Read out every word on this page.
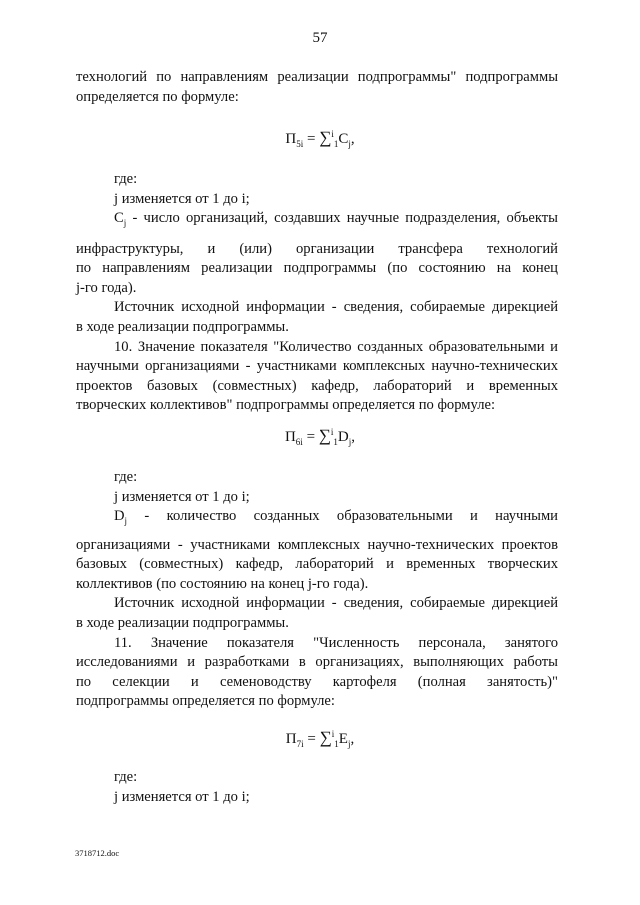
57
технологий по направлениям реализации подпрограммы" подпрограммы
определяется по формуле:
$П_{5i} = \sum^i_1C_j$,
где:
j изменяется от 1 до i;
$C_j$ - число организаций, создавших научные подразделения, объекты
инфраструктуры, и (или) организации трансфера технологий
по направлениям реализации подпрограммы (по состоянию на конец
j-го года).
Источник исходной информации - сведения, собираемые дирекцией
в ходе реализации подпрограммы.
10. Значение показателя "Количество созданных образовательными и
научными организациями - участниками комплексных научно-технических
проектов базовых (совместных) кафедр, лабораторий и временных
творческих коллективов" подпрограммы определяется по формуле:
$П_{6i} = \sum^i_1D_j$,
где:
j изменяется от 1 до i;
$D_j$ - количество созданных образовательными и научными
организациями - участниками комплексных научно-технических проектов
базовых (совместных) кафедр, лабораторий и временных творческих
коллективов (по состоянию на конец j-го года).
Источник исходной информации - сведения, собираемые дирекцией
в ходе реализации подпрограммы.
11. Значение показателя "Численность персонала, занятого
исследованиями и разработками в организациях, выполняющих работы
по селекции и семеноводству картофеля (полная занятость)"
подпрограммы определяется по формуле:
$П_{7i} = \sum^i_1E_j$,
где:
j изменяется от 1 до i;
3718712.doc
